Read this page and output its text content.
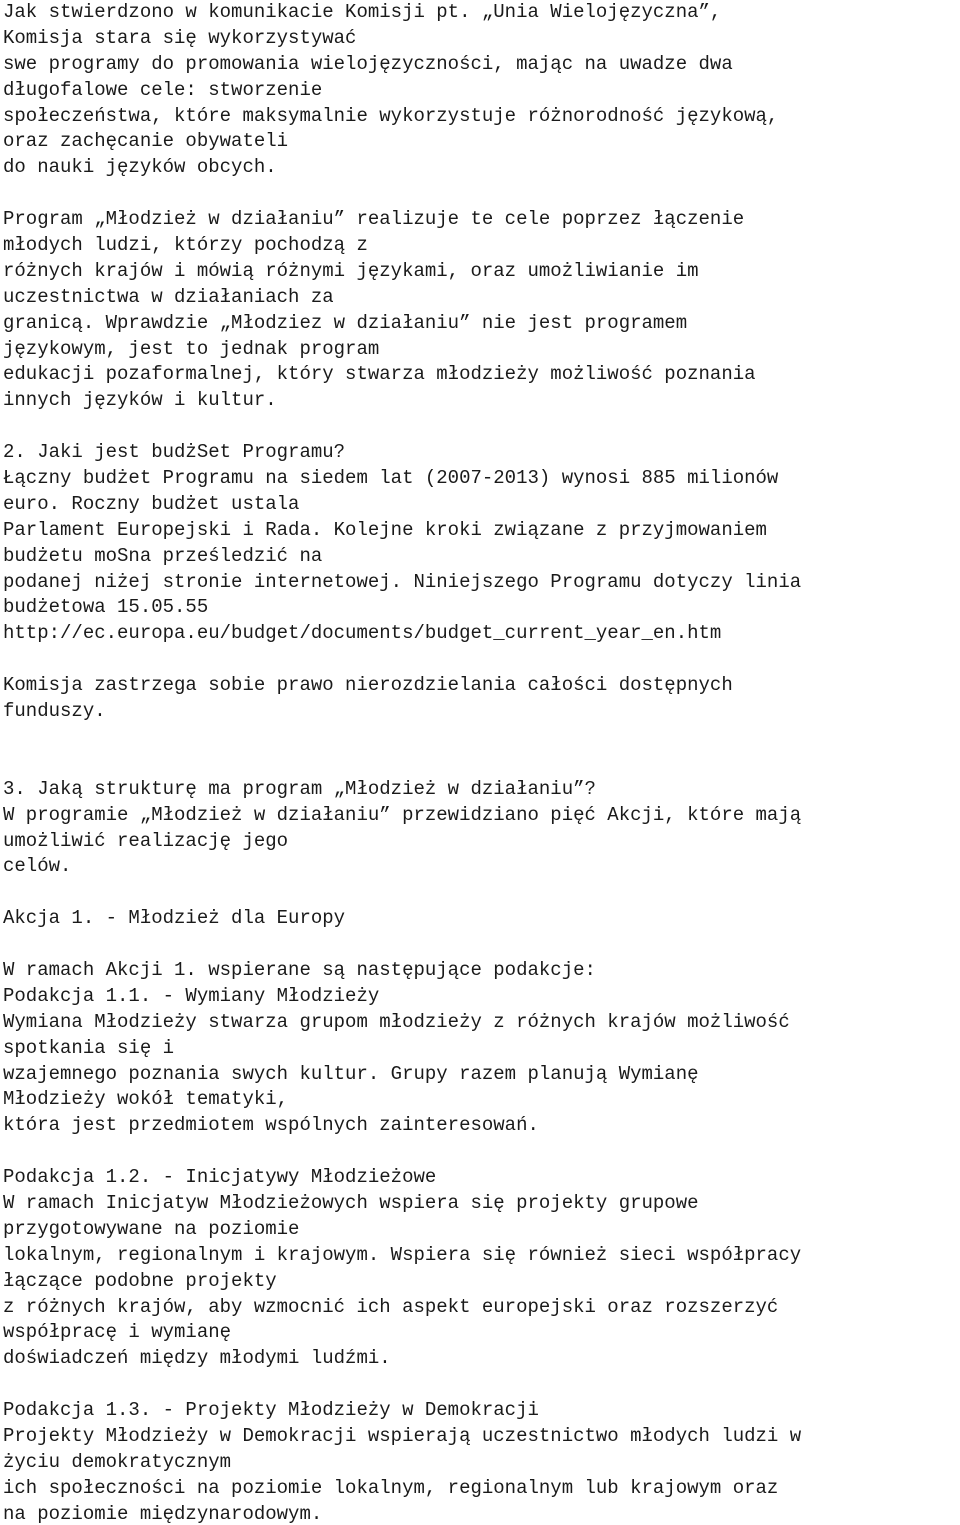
Jak stwierdzono w komunikacie Komisji pt. „Unia Wielojęzyczna”,
Komisja stara się wykorzystywać
swe programy do promowania wielojęzyczności, mając na uwadze dwa
długofalowe cele: stworzenie
społeczeństwa, które maksymalnie wykorzystuje różnorodność językową,
oraz zachęcanie obywateli
do nauki języków obcych.
Program „Młodzież w działaniu” realizuje te cele poprzez łączenie
młodych ludzi, którzy pochodzą z
różnych krajów i mówią różnymi językami, oraz umożliwianie im
uczestnictwa w działaniach za
granicą. Wprawdzie „Młodziez w działaniu” nie jest programem
językowym, jest to jednak program
edukacji pozaformalnej, który stwarza młodzieży możliwość poznania
innych języków i kultur.
2. Jaki jest budżSet Programu?
Łączny budżet Programu na siedem lat (2007-2013) wynosi 885 milionów
euro. Roczny budżet ustala
Parlament Europejski i Rada. Kolejne kroki związane z przyjmowaniem
budżetu moSna prześledzić na
podanej niżej stronie internetowej. Niniejszego Programu dotyczy linia
budżetowa 15.05.55
http://ec.europa.eu/budget/documents/budget_current_year_en.htm
Komisja zastrzega sobie prawo nierozdzielania całości dostępnych
funduszy.
3. Jaką strukturę ma program „Młodzież w działaniu”?
W programie „Młodzież w działaniu” przewidziano pięć Akcji, które mają
umożliwić realizację jego
celów.
Akcja 1. - Młodzież dla Europy
W ramach Akcji 1. wspierane są następujące podakcje:
Podakcja 1.1. - Wymiany Młodzieży
Wymiana Młodzieży stwarza grupom młodzieży z różnych krajów możliwość
spotkania się i
wzajemnego poznania swych kultur. Grupy razem planują Wymianę
Młodzieży wokół tematyki,
która jest przedmiotem wspólnych zainteresowań.
Podakcja 1.2. - Inicjatywy Młodzieżowe
W ramach Inicjatyw Młodzieżowych wspiera się projekty grupowe
przygotowywane na poziomie
lokalnym, regionalnym i krajowym. Wspiera się również sieci współpracy
łączące podobne projekty
z różnych krajów, aby wzmocnić ich aspekt europejski oraz rozszerzyć
współpracę i wymianę
doświadczeń między młodymi ludźmi.
Podakcja 1.3. - Projekty Młodzieży w Demokracji
Projekty Młodzieży w Demokracji wspierają uczestnictwo młodych ludzi w
życiu demokratycznym
ich społeczności na poziomie lokalnym, regionalnym lub krajowym oraz
na poziomie międzynarodowym.
